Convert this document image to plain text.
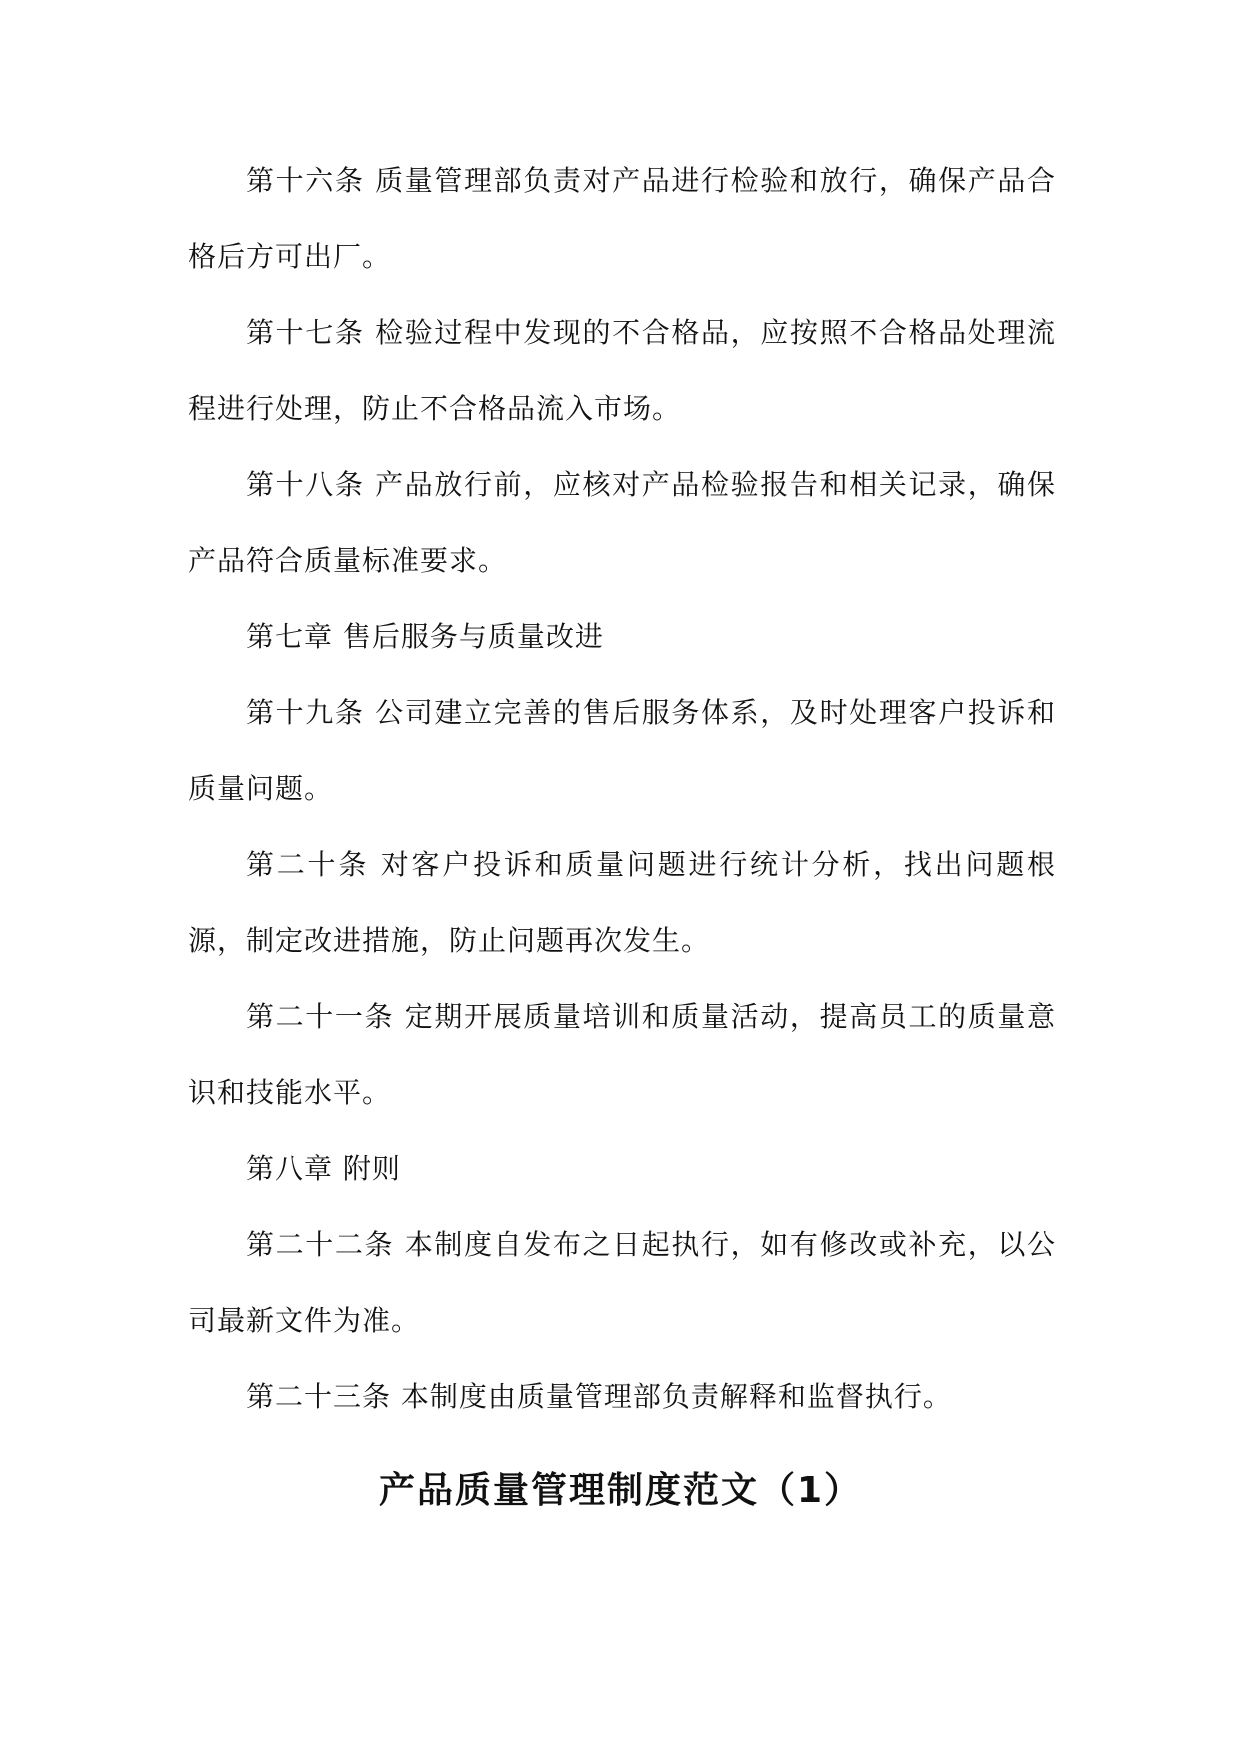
第十六条 质量管理部负责对产品进行检验和放行，确保产品合格后方可出厂。

第十七条 检验过程中发现的不合格品，应按照不合格品处理流程进行处理，防止不合格品流入市场。

第十八条 产品放行前，应核对产品检验报告和相关记录，确保产品符合质量标准要求。

第七章 售后服务与质量改进

第十九条 公司建立完善的售后服务体系，及时处理客户投诉和质量问题。

第二十条 对客户投诉和质量问题进行统计分析，找出问题根源，制定改进措施，防止问题再次发生。

第二十一条 定期开展质量培训和质量活动，提高员工的质量意识和技能水平。

第八章 附则

第二十二条 本制度自发布之日起执行，如有修改或补充，以公司最新文件为准。

第二十三条 本制度由质量管理部负责解释和监督执行。

产品质量管理制度范文（1）
